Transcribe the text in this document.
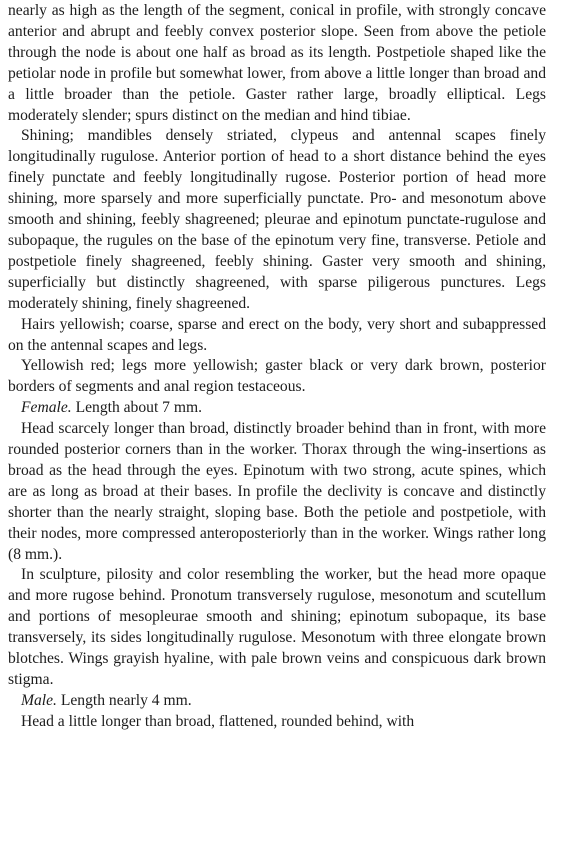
nearly as high as the length of the segment, conical in profile, with strongly concave anterior and abrupt and feebly convex posterior slope. Seen from above the petiole through the node is about one half as broad as its length. Postpetiole shaped like the petiolar node in profile but somewhat lower, from above a little longer than broad and a little broader than the petiole. Gaster rather large, broadly elliptical. Legs moderately slender; spurs distinct on the median and hind tibiae.

Shining; mandibles densely striated, clypeus and antennal scapes finely longitudinally rugulose. Anterior portion of head to a short distance behind the eyes finely punctate and feebly longitudinally rugose. Posterior portion of head more shining, more sparsely and more superficially punctate. Pro- and mesonotum above smooth and shining, feebly shagreened; pleurae and epinotum punctate-rugulose and subopaque, the rugules on the base of the epinotum very fine, transverse. Petiole and postpetiole finely shagreened, feebly shining. Gaster very smooth and shining, superficially but distinctly shagreened, with sparse piligerous punctures. Legs moderately shining, finely shagreened.

Hairs yellowish; coarse, sparse and erect on the body, very short and subappressed on the antennal scapes and legs.

Yellowish red; legs more yellowish; gaster black or very dark brown, posterior borders of segments and anal region testaceous.

Female. Length about 7 mm.

Head scarcely longer than broad, distinctly broader behind than in front, with more rounded posterior corners than in the worker. Thorax through the wing-insertions as broad as the head through the eyes. Epinotum with two strong, acute spines, which are as long as broad at their bases. In profile the declivity is concave and distinctly shorter than the nearly straight, sloping base. Both the petiole and postpetiole, with their nodes, more compressed anteroposteriorly than in the worker. Wings rather long (8 mm.).

In sculpture, pilosity and color resembling the worker, but the head more opaque and more rugose behind. Pronotum transversely rugulose, mesonotum and scutellum and portions of mesopleurae smooth and shining; epinotum subopaque, its base transversely, its sides longitudinally rugulose. Mesonotum with three elongate brown blotches. Wings grayish hyaline, with pale brown veins and conspicuous dark brown stigma.

Male. Length nearly 4 mm.

Head a little longer than broad, flattened, rounded behind, with
